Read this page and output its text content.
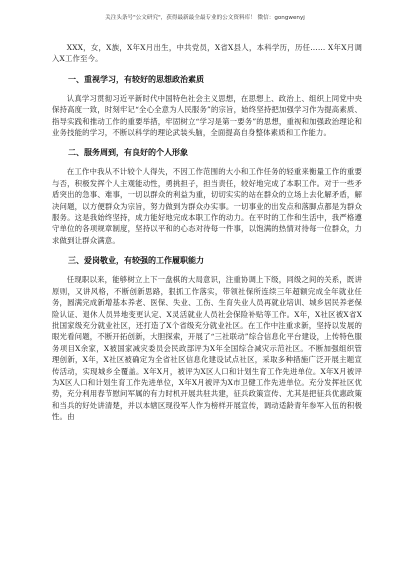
关注头条号"公文研究"，获得最新最全最专业的公文资料库！ 微信：gongwenyj

XXX，女，X族，X年X月出生，中共党员，X省X县人，本科学历，历任…… X年X月调入X工作至今。

一、重视学习，有较好的思想政治素质

认真学习贯彻习近平新时代中国特色社会主义思想，在思想上、政治上、组织上同党中央保持高度一致，时刻牢记“全心全意为人民服务”的宗旨，始终坚持把加强学习作为提高素质、指导实践和推动工作的重要举措，牢固树立“学习是第一要务”的思想，重视和加强政治理论和业务技能的学习，不断以科学的理论武装头脑，全面提高自身整体素质和工作能力。

二、服务周到，有良好的个人形象

在工作中我从不计较个人得失，不因工作范围的大小和工作任务的轻重来衡量工作的重要与否，积极发挥个人主观能动性，勇挑担子，担当责任，较好地完成了本职工作。对于一些矛盾突出的急事、难事，一切以群众的利益为重，切切实实的站在群众的立场上去化解矛盾，解决问题，以方便群众为宗旨，努力做到为群众办实事。一切事业的出发点和落脚点都是为群众服务。这是我始终坚持，成力能好地完成本职工作的动力。在平时的工作和生活中，我严格遵守单位的各项规章制度，坚持以平和的心态对待每一件事，以饱满的热情对待每一位群众，力求做到让群众满意。

三、爱岗敬业，有较强的工作履职能力

任现职以来，能够树立上下一盘棋的大局意识，注重协调上下级，同级之间的关系，既讲原则，又讲风格，不断创新思路，狠抓工作落实，带领社保所连续三年超额完成全年就业任务，圆满完成新增基本养老、医保、失业、工伤、生育失业人员再就业培训、城乡居民养老保险认证、退休人员异地变更认定、X灵活就业人员社会保险补贴等工作。X年，X社区被X省X批国家级充分就业社区，还打造了X个省级充分就业社区。在工作中注重求新，坚持以发展的眼光看问题，不断开拓创新，大胆探索，开展了“三社联动”综合信息化平台建设，上传特色服务项目X余家，X被国家减灾委员会民政部评为X年全国综合减灾示范社区。不断加强组织管理创新，X年，X社区被确定为全省社区信息化建设试点社区，采取多种措施广泛开展主题宣传活动，实现城乡全覆盖。X年X月，被评为X区人口和计划生育工作先进单位。X年X月被评为X区人口和计划生育工作先进单位，X年X月被评为X市卫健工作先进单位。充分发挥社区优势，充分利用春节慰问军属的有力时机开展共驻共建，征兵政策宣传、尤其是把征兵优惠政策和当兵的好处讲清楚，并以本辖区现役军人作为榜样开展宣传，调动适龄青年参军入伍的积极性。由
